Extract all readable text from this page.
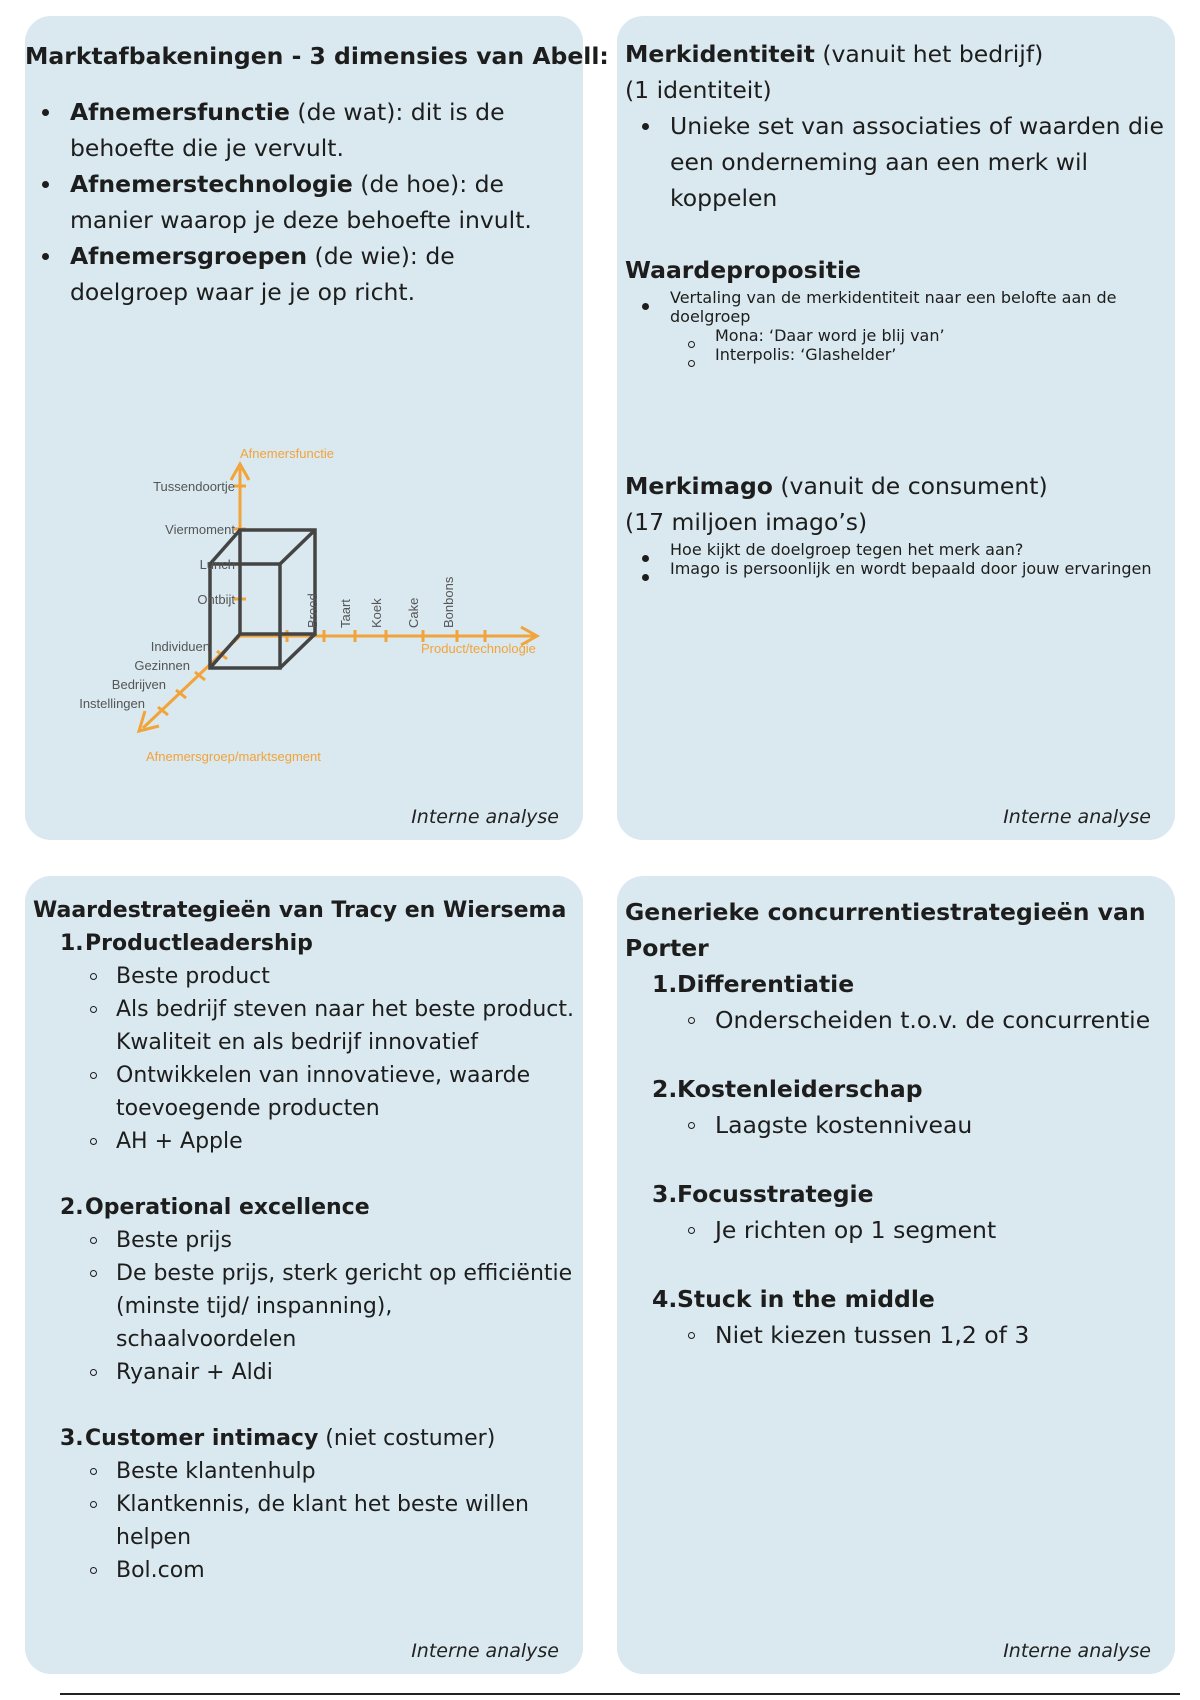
Marktafbakeningen - 3 dimensies van Abell:
Afnemersfunctie (de wat): dit is de behoefte die je vervult.
Afnemerstechnologie (de hoe): de manier waarop je deze behoefte invult.
Afnemersgroepen (de wie): de doelgroep waar je je op richt.
Afnemersfunctie
Product/technologie
Afnemersgroep/marktsegment
Tussendoortje
Viermoment
Lunch
Ontbijt
Individuen
Gezinnen
Bedrijven
Instellingen
Brood Taart Koek Cake Bonbons
Interne analyse

Merkidentiteit (vanuit het bedrijf)

(1 identiteit)

Unieke set van associaties of waarden die een onderneming aan een merk wil koppelen

Waardepropositie

Vertaling van de merkidentiteit naar een belofte aan de doelgroep
Mona: ‘Daar word je blij van’
Interpolis: ‘Glashelder’

Merkimago (vanuit de consument)

(17 miljoen imago’s)

Hoe kijkt de doelgroep tegen het merk aan?
Imago is persoonlijk en wordt bepaald door jouw ervaringen
Interne analyse
Waardestrategieën van Tracy en Wiersema
1. Productleadership
Beste product
Als bedrijf steven naar het beste product. Kwaliteit en als bedrijf innovatief
Ontwikkelen van innovatieve, waarde toevoegende producten
AH + Apple
2. Operational excellence
Beste prijs
De beste prijs, sterk gericht op efficiëntie (minste tijd/ inspanning), schaalvoordelen
Ryanair + Aldi
3. Customer intimacy (niet costumer)
Beste klantenhulp
Klantkennis, de klant het beste willen helpen
Bol.com
Interne analyse
Generieke concurrentiestrategieën van Porter
1. Differentiatie
Onderscheiden t.o.v. de concurrentie
2. Kostenleiderschap
Laagste kostenniveau
3. Focusstrategie
Je richten op 1 segment
4. Stuck in the middle
Niet kiezen tussen 1,2 of 3
Interne analyse
